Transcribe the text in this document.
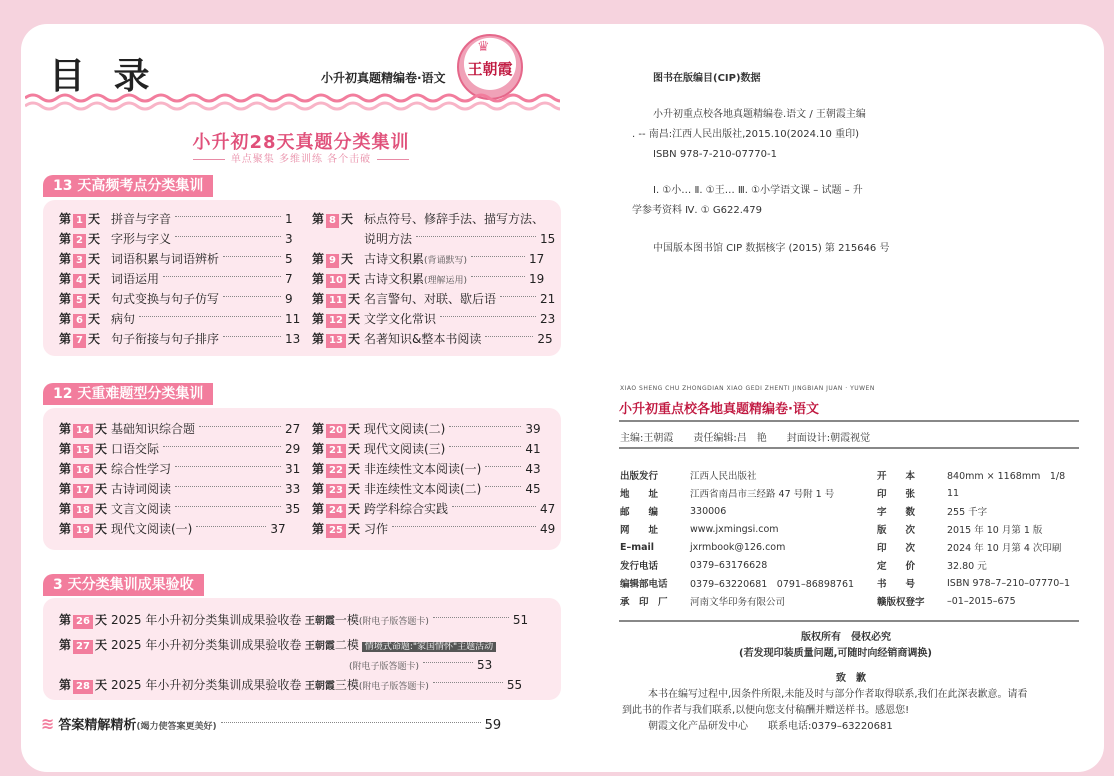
目 录	小升初真题精编卷·语文
♛
王朝霞
小升初28天真题分类集训
单点聚集 多维训练 各个击破
13 天高频考点分类集训
第 1 天 拼音与字音	1
第 2 天 字形与字义	3
第 3 天 词语积累与词语辨析	5
第 4 天 词语运用	7
第 5 天 句式变换与句子仿写	9
第 6 天 病句	11
第 7 天 句子衔接与句子排序	13
第 8 天 标点符号、修辞手法、描写方法、
说明方法	15
第 9 天 古诗文积累(背诵默写)	17
第 10 天 古诗文积累(理解运用)	19
第 11 天 名言警句、对联、歇后语	21
第 12 天 文学文化常识	23
第 13 天 名著知识&整本书阅读	25
12 天重难题型分类集训
第 14 天 基础知识综合题	27
第 15 天 口语交际	29
第 16 天 综合性学习	31
第 17 天 古诗词阅读	33
第 18 天 文言文阅读	35
第 19 天 现代文阅读(一)	37
第 20 天 现代文阅读(二)	39
第 21 天 现代文阅读(三)	41
第 22 天 非连续性文本阅读(一)	43
第 23 天 非连续性文本阅读(二)	45
第 24 天 跨学科综合实践	47
第 25 天 习作	49
3 天分类集训成果验收
第 26 天 2025 年小升初分类集训成果验收卷 王朝霞一模(附电子版答题卡)	51
第 27 天 2025 年小升初分类集训成果验收卷 王朝霞二模 情境式命题:"家国情怀"主题活动
(附电子版答题卡)	53
第 28 天 2025 年小升初分类集训成果验收卷 王朝霞三模(附电子版答题卡)	55
≋ 答案精解精析(竭力使答案更美好)	59
图书在版编目(CIP)数据
小升初重点校各地真题精编卷.语文 / 王朝霞主编
. -- 南昌:江西人民出版社,2015.10(2024.10 重印)
ISBN 978-7-210-07770-1
Ⅰ. ①小… Ⅱ. ①王… Ⅲ. ①小学语文课 – 试题 – 升
学参考资料 Ⅳ. ① G622.479
中国版本图书馆 CIP 数据核字 (2015) 第 215646 号
XIAO SHENG CHU ZHONGDIAN XIAO GEDI ZHENTI JINGBIAN JUAN · YUWEN
小升初重点校各地真题精编卷·语文
主编:王朝霞　　责任编辑:吕　艳　　封面设计:朝霞视觉
出版发行	江西人民出版社
地　　址	江西省南昌市三经路 47 号附 1 号
邮　　编	330006
网　　址	www.jxmingsi.com
E–mail	jxrmbook@126.com
发行电话	0379–63176628
编辑部电话	0379–63220681　0791–86898761
承　印　厂	河南文华印务有限公司
开　　本	840mm × 1168mm　1/8
印　　张	11
字　　数	255 千字
版　　次	2015 年 10 月第 1 版
印　　次	2024 年 10 月第 4 次印刷
定　　价	32.80 元
书　　号	ISBN 978–7–210–07770–1
赣版权登字	–01–2015–675
版权所有　侵权必究
(若发现印装质量问题,可随时向经销商调换)
致　歉
本书在编写过程中,因条件所限,未能及时与部分作者取得联系,我们在此深表歉意。请看
到此书的作者与我们联系,以便向您支付稿酬并赠送样书。感恩您!
朝霞文化产品研发中心　　联系电话:0379–63220681
